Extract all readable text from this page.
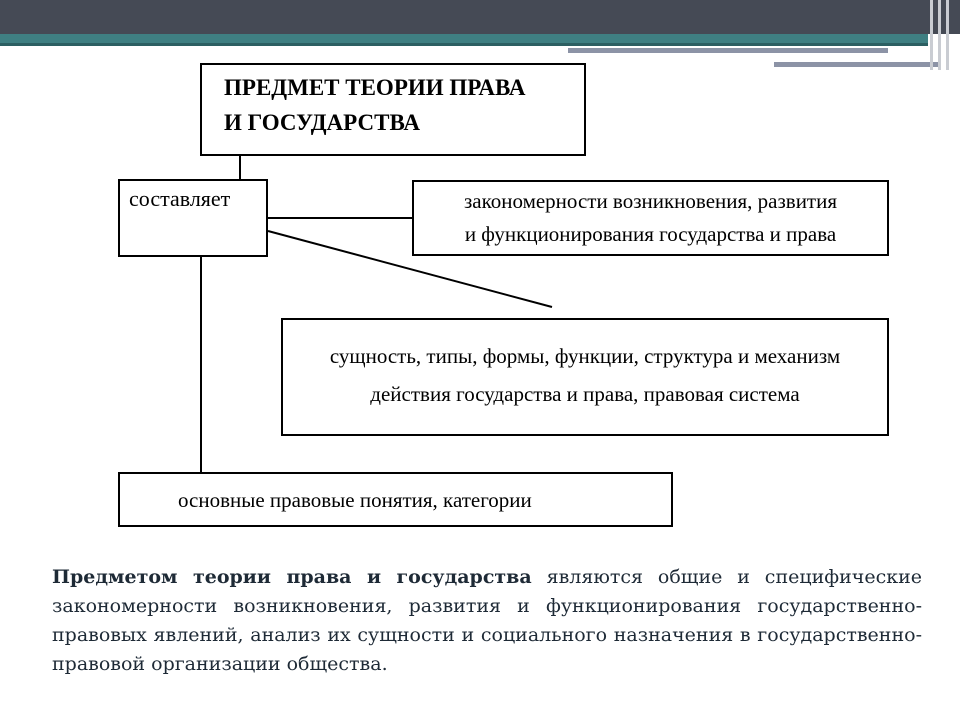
ПРЕДМЕТ ТЕОРИИ ПРАВА
И ГОСУДАРСТВА
составляет	закономерности возникновения, развития
и функционирования государства и права
сущность, типы, формы, функции, структура и механизм
действия государства и права, правовая система
основные правовые понятия, категории

Предметом теории права и государства являются общие и специфические закономерности возникновения, развития и функционирования государственно-правовых явлений, анализ их сущности и социального назначения в государственно-правовой организации общества.
